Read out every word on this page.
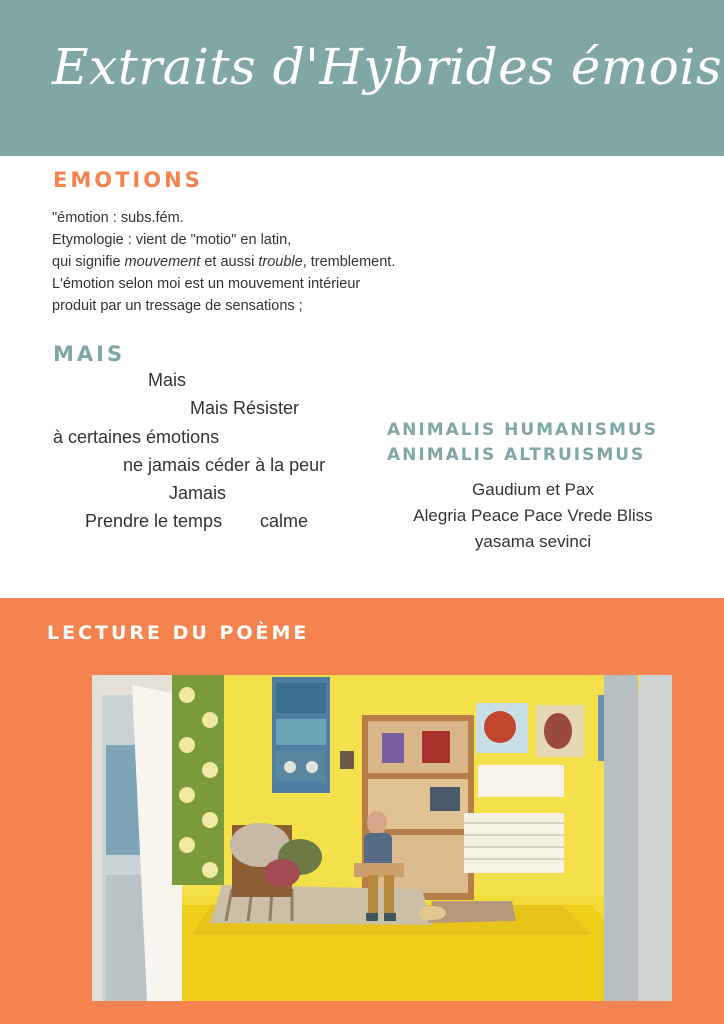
Extraits d'Hybrides émois
EMOTIONS
"émotion : subs.fém.
Etymologie : vient de "motio" en latin,
qui signifie mouvement et aussi trouble, tremblement.
L'émotion selon moi est un mouvement intérieur
produit par un tressage de sensations ;
MAIS
Mais
Mais Résister
à certaines émotions
ne jamais céder à la peur
Jamais
Prendre le temps calme
ANIMALIS HUMANISMUS
ANIMALIS ALTRUISMUS
Gaudium et Pax
Alegria Peace Pace Vrede Bliss
yasama sevinci
LECTURE DU POÈME
